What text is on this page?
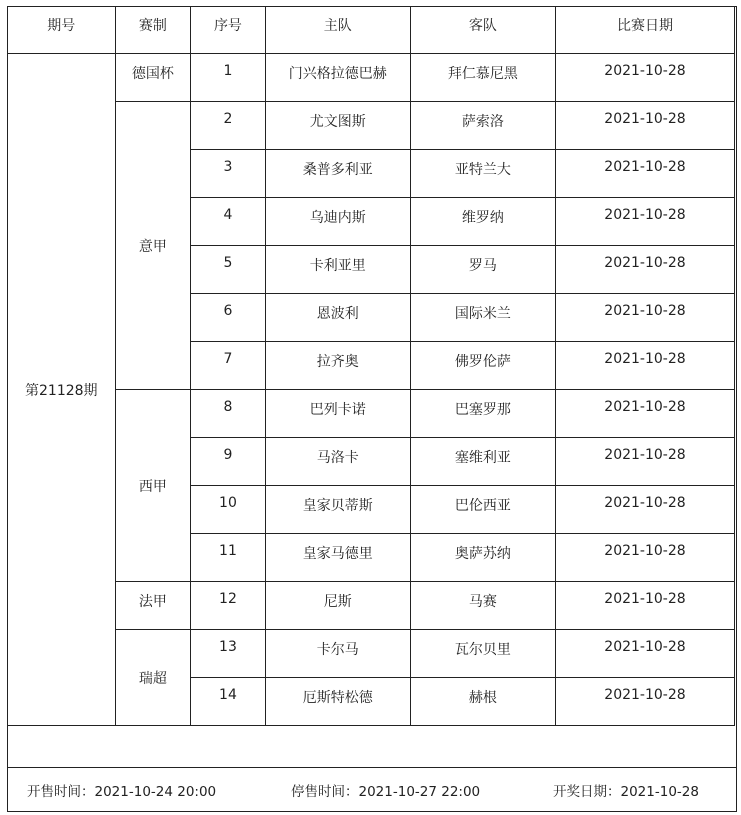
期号	赛制	序号	主队	客队	比赛日期
第21128期	德国杯	1	门兴格拉德巴赫	拜仁慕尼黑	2021-10-28
	意甲	2	尤文图斯	萨索洛	2021-10-28
		3	桑普多利亚	亚特兰大	2021-10-28
		4	乌迪内斯	维罗纳	2021-10-28
		5	卡利亚里	罗马	2021-10-28
		6	恩波利	国际米兰	2021-10-28
		7	拉齐奥	佛罗伦萨	2021-10-28
	西甲	8	巴列卡诺	巴塞罗那	2021-10-28
		9	马洛卡	塞维利亚	2021-10-28
		10	皇家贝蒂斯	巴伦西亚	2021-10-28
		11	皇家马德里	奥萨苏纳	2021-10-28
	法甲	12	尼斯	马赛	2021-10-28
	瑞超	13	卡尔马	瓦尔贝里	2021-10-28
		14	厄斯特松德	赫根	2021-10-28
开售时间：2021-10-24 20:00	停售时间：2021-10-27 22:00	开奖日期：2021-10-28
